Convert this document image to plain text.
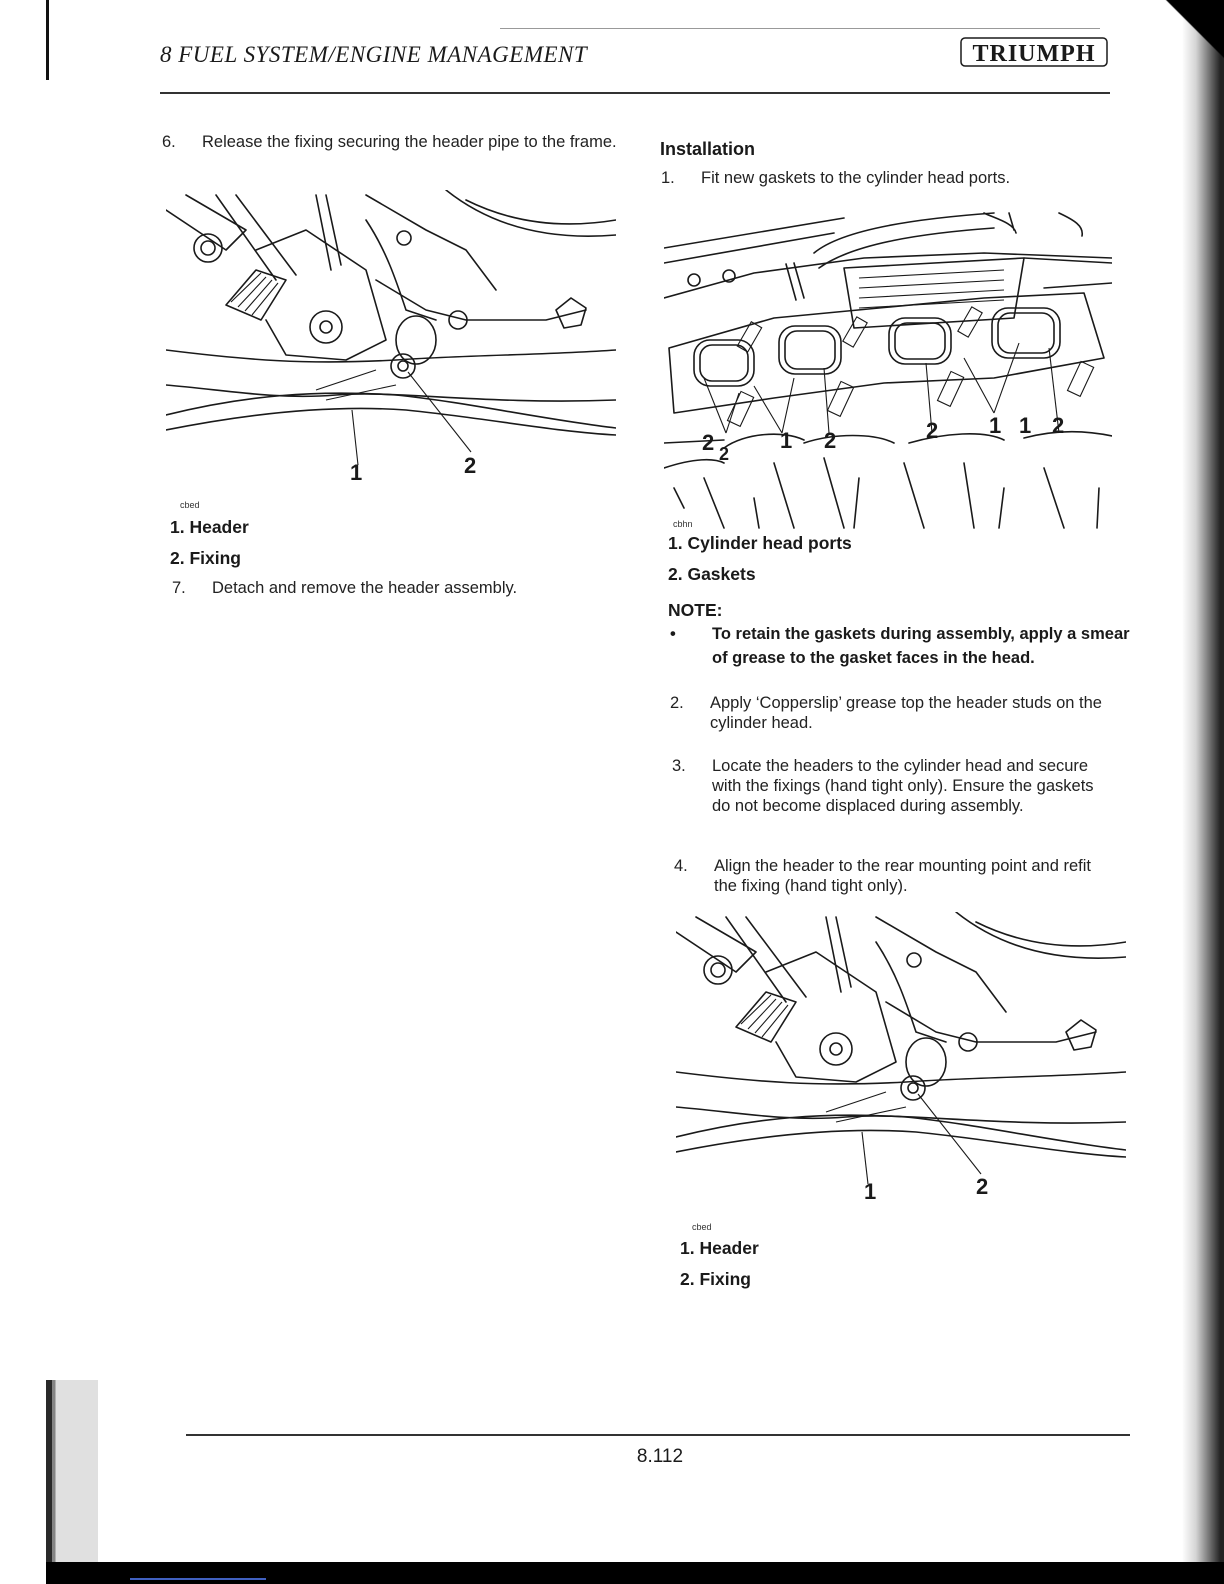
8 FUEL SYSTEM/ENGINE MANAGEMENT	TRIUMPH
6.	Release the fixing securing the header pipe to the frame.
1	2
cbed
1. Header
2. Fixing
7.	Detach and remove the header assembly.
Installation
1.	Fit new gaskets to the cylinder head ports.
2 2
1 2	2 1 1 2
cbhn
1. Cylinder head ports
2. Gaskets
NOTE:
•	To retain the gaskets during assembly, apply a smear of grease to the gasket faces in the head.
2.	Apply ‘Copperslip’ grease top the header studs on the cylinder head.
3.	Locate the headers to the cylinder head and secure with the fixings (hand tight only). Ensure the gaskets do not become displaced during assembly.
4.	Align the header to the rear mounting point and refit the fixing (hand tight only).
1	2
cbed
1. Header
2. Fixing
8.112
